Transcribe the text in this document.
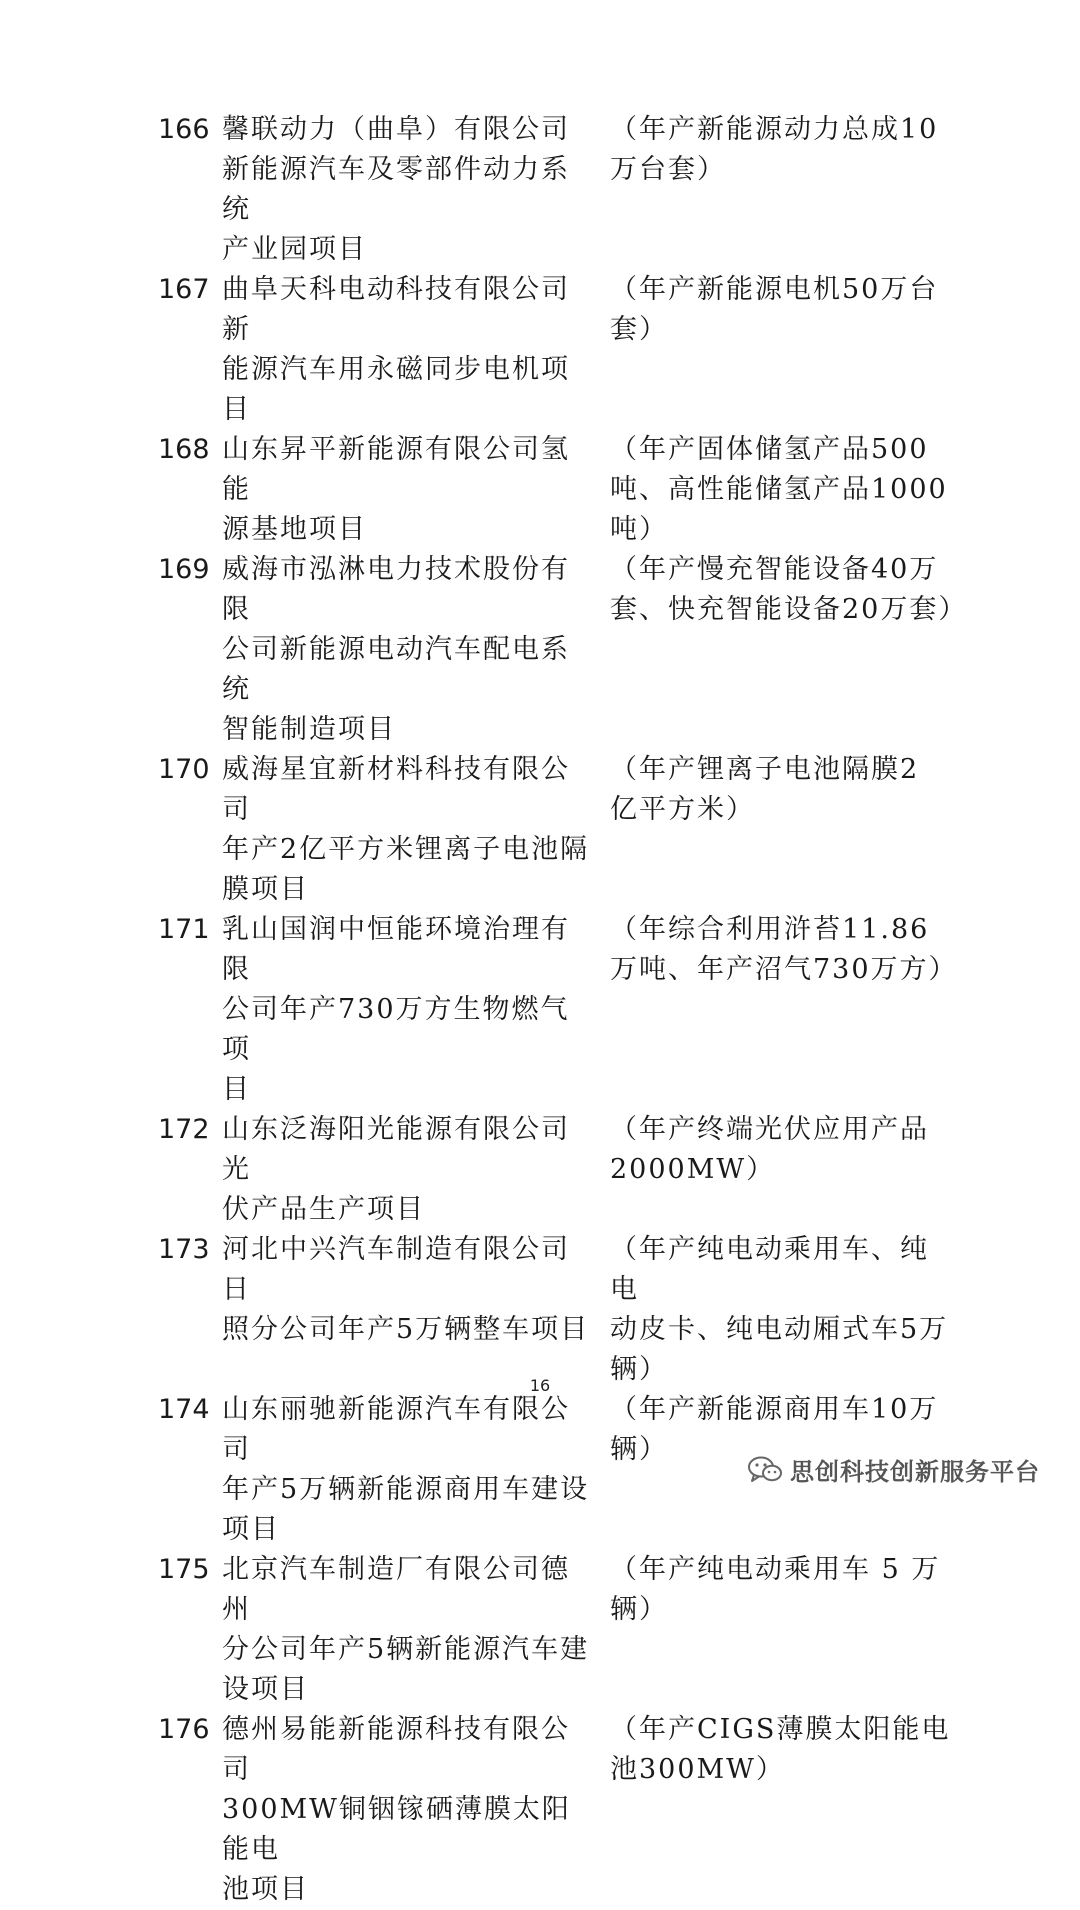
166 馨联动力（曲阜）有限公司
新能源汽车及零部件动力系统
产业园项目
（年产新能源动力总成10
万台套）
167 曲阜天科电动科技有限公司新
能源汽车用永磁同步电机项目
（年产新能源电机50万台
套）
168 山东昇平新能源有限公司氢能
源基地项目
（年产固体储氢产品500
吨、高性能储氢产品1000
吨）
169 威海市泓淋电力技术股份有限
公司新能源电动汽车配电系统
智能制造项目
（年产慢充智能设备40万
套、快充智能设备20万套）
170 威海星宜新材料科技有限公司
年产2亿平方米锂离子电池隔
膜项目
（年产锂离子电池隔膜2
亿平方米）
171 乳山国润中恒能环境治理有限
公司年产730万方生物燃气项
目
（年综合利用浒苔11.86
万吨、年产沼气730万方）
172 山东泛海阳光能源有限公司光
伏产品生产项目
（年产终端光伏应用产品
2000MW）
173 河北中兴汽车制造有限公司日
照分公司年产5万辆整车项目
（年产纯电动乘用车、纯电
动皮卡、纯电动厢式车5万
辆）
174 山东丽驰新能源汽车有限公司
年产5万辆新能源商用车建设
项目
（年产新能源商用车10万
辆）
175 北京汽车制造厂有限公司德州
分公司年产5辆新能源汽车建
设项目
（年产纯电动乘用车 5 万
辆）
176 德州易能新能源科技有限公司
300MW铜铟镓硒薄膜太阳能电
池项目
（年产CIGS薄膜太阳能电
池300MW）
16
思创科技创新服务平台
